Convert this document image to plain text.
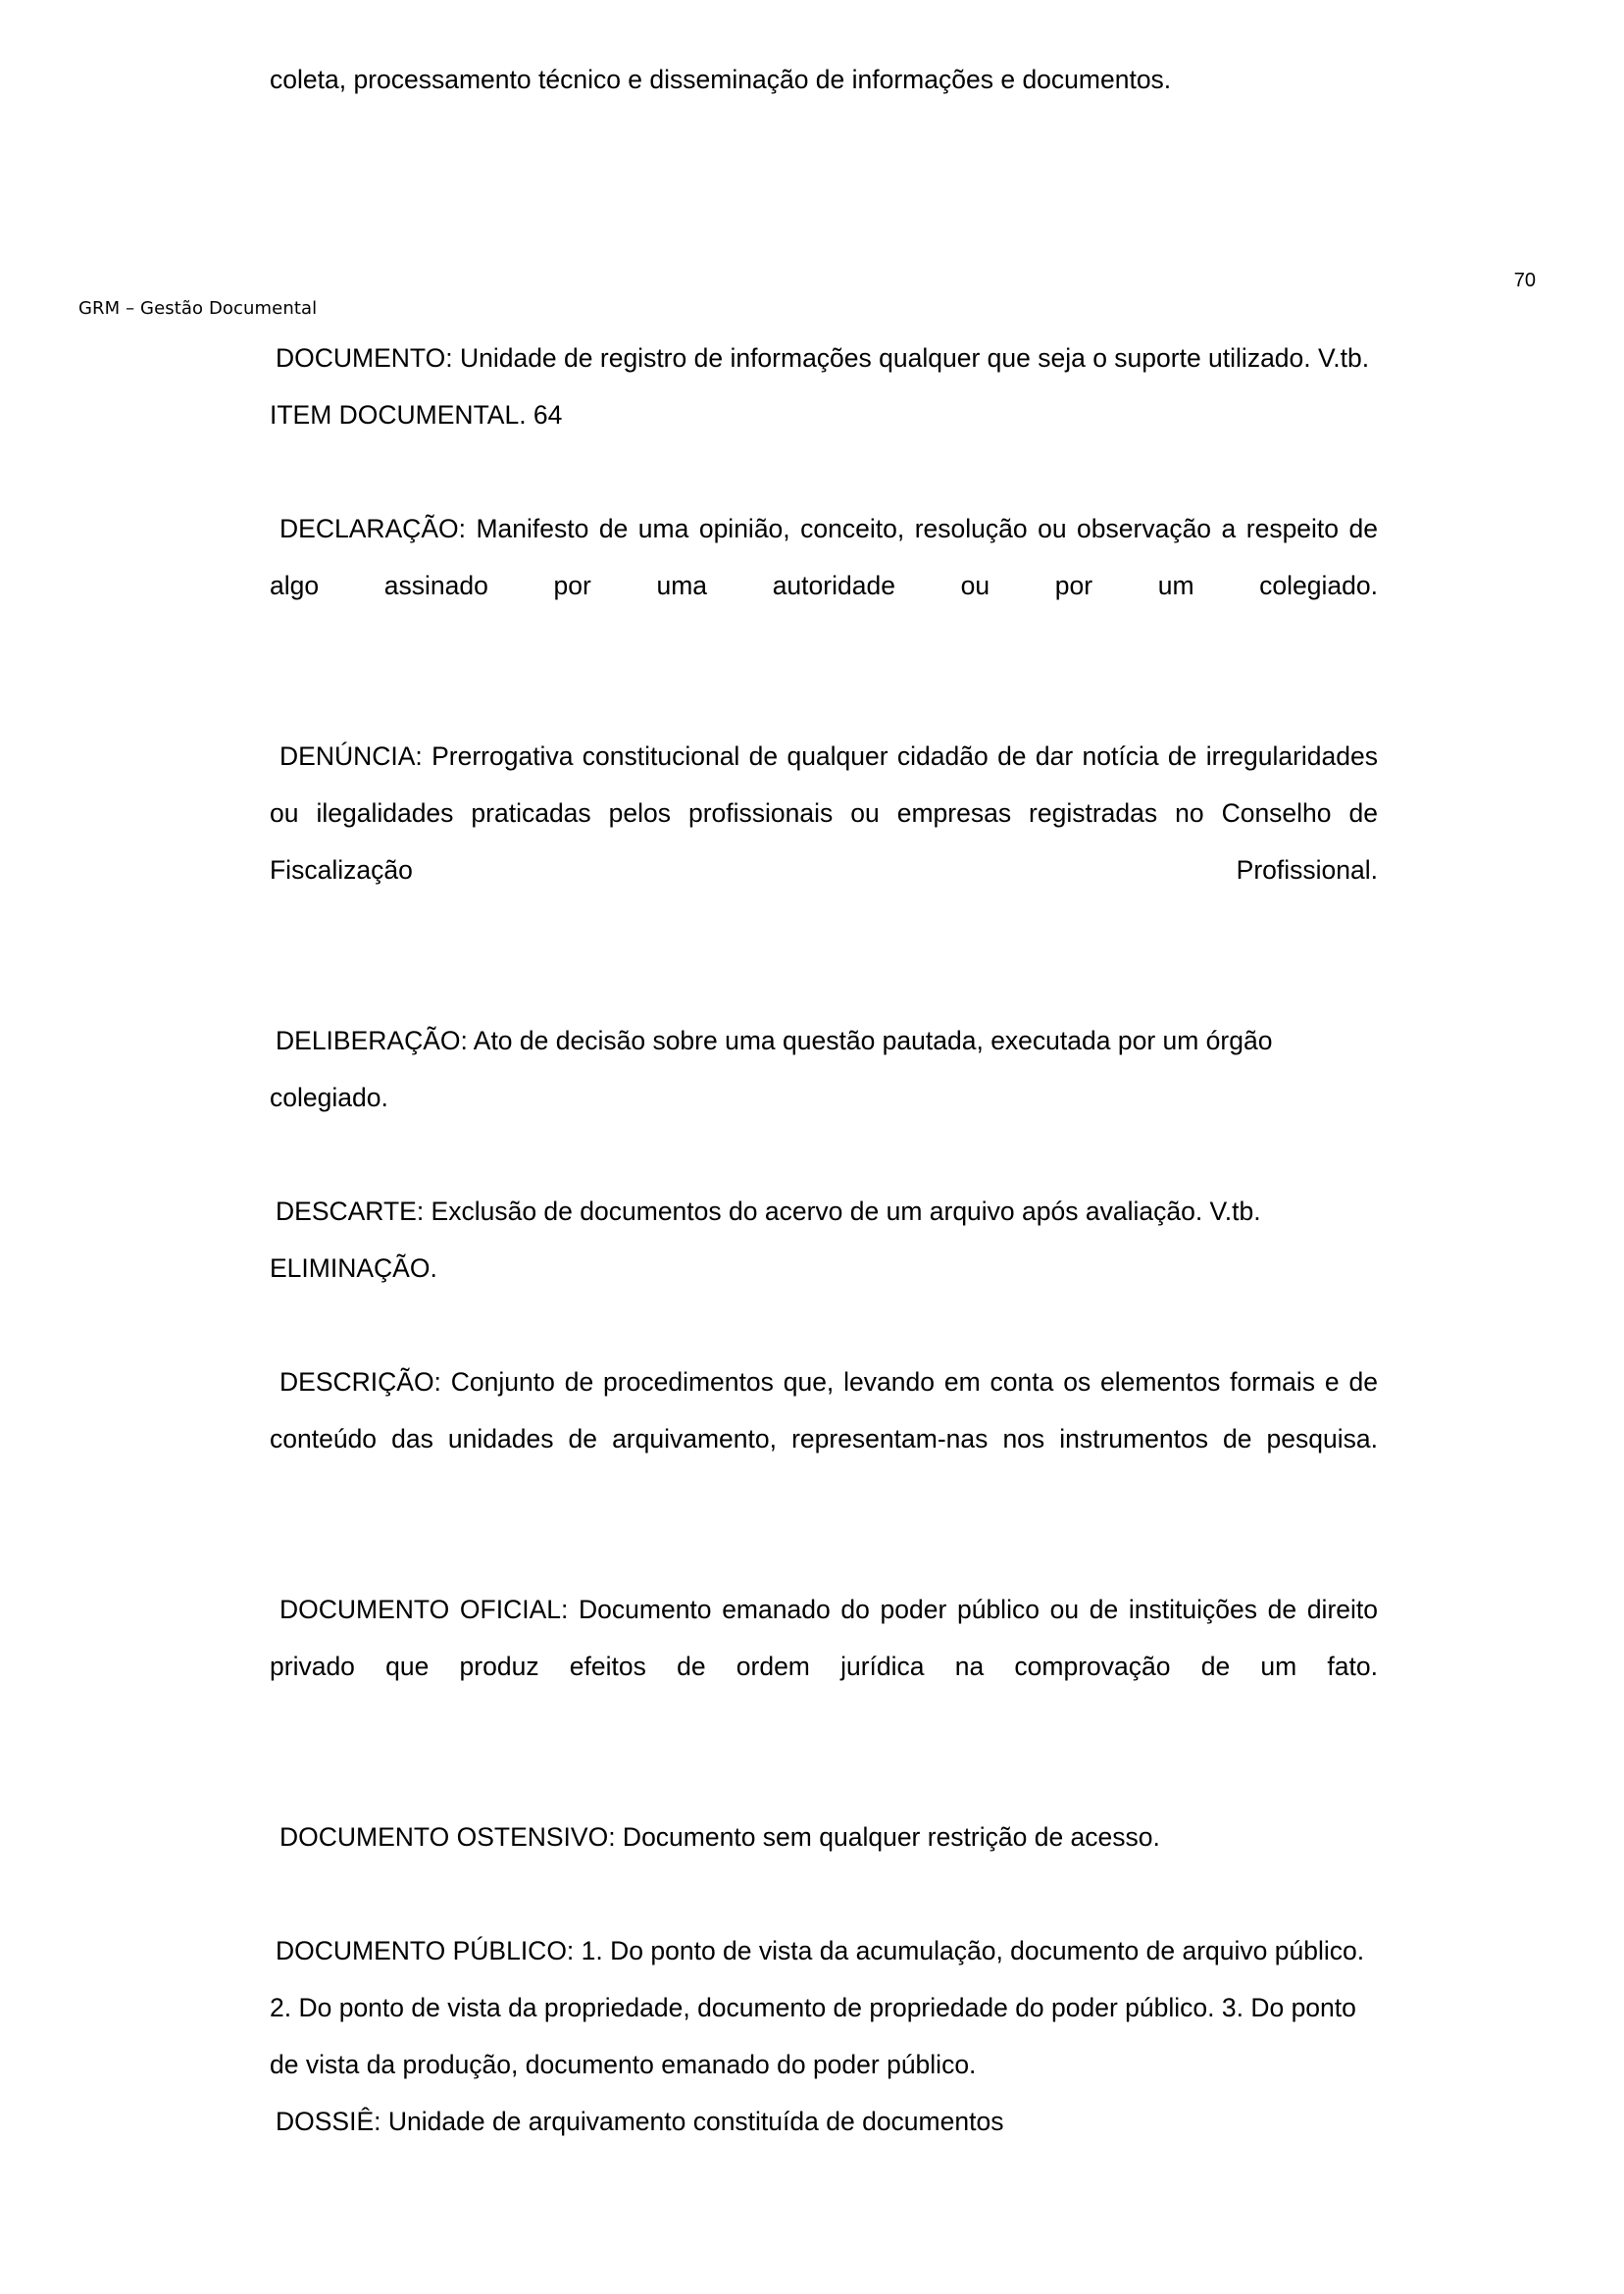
coleta, processamento técnico e disseminação de informações e documentos.

70
GRM – Gestão Documental

DOCUMENTO: Unidade de registro de informações qualquer que seja o suporte utilizado. V.tb. ITEM DOCUMENTAL. 64

DECLARAÇÃO: Manifesto de uma opinião, conceito, resolução ou observação a respeito de algo assinado por uma autoridade ou por um colegiado.

DENÚNCIA: Prerrogativa constitucional de qualquer cidadão de dar notícia de irregularidades ou ilegalidades praticadas pelos profissionais ou empresas registradas no Conselho de Fiscalização Profissional.

DELIBERAÇÃO: Ato de decisão sobre uma questão pautada, executada por um órgão colegiado.

DESCARTE: Exclusão de documentos do acervo de um arquivo após avaliação. V.tb. ELIMINAÇÃO.

DESCRIÇÃO: Conjunto de procedimentos que, levando em conta os elementos formais e de conteúdo das unidades de arquivamento, representam-nas nos instrumentos de pesquisa.

DOCUMENTO OFICIAL: Documento emanado do poder público ou de instituições de direito privado que produz efeitos de ordem jurídica na comprovação de um fato.

DOCUMENTO OSTENSIVO: Documento sem qualquer restrição de acesso.

DOCUMENTO PÚBLICO: 1. Do ponto de vista da acumulação, documento de arquivo público. 2. Do ponto de vista da propriedade, documento de propriedade do poder público. 3. Do ponto de vista da produção, documento emanado do poder público.

DOSSIÊ: Unidade de arquivamento constituída de documentos
